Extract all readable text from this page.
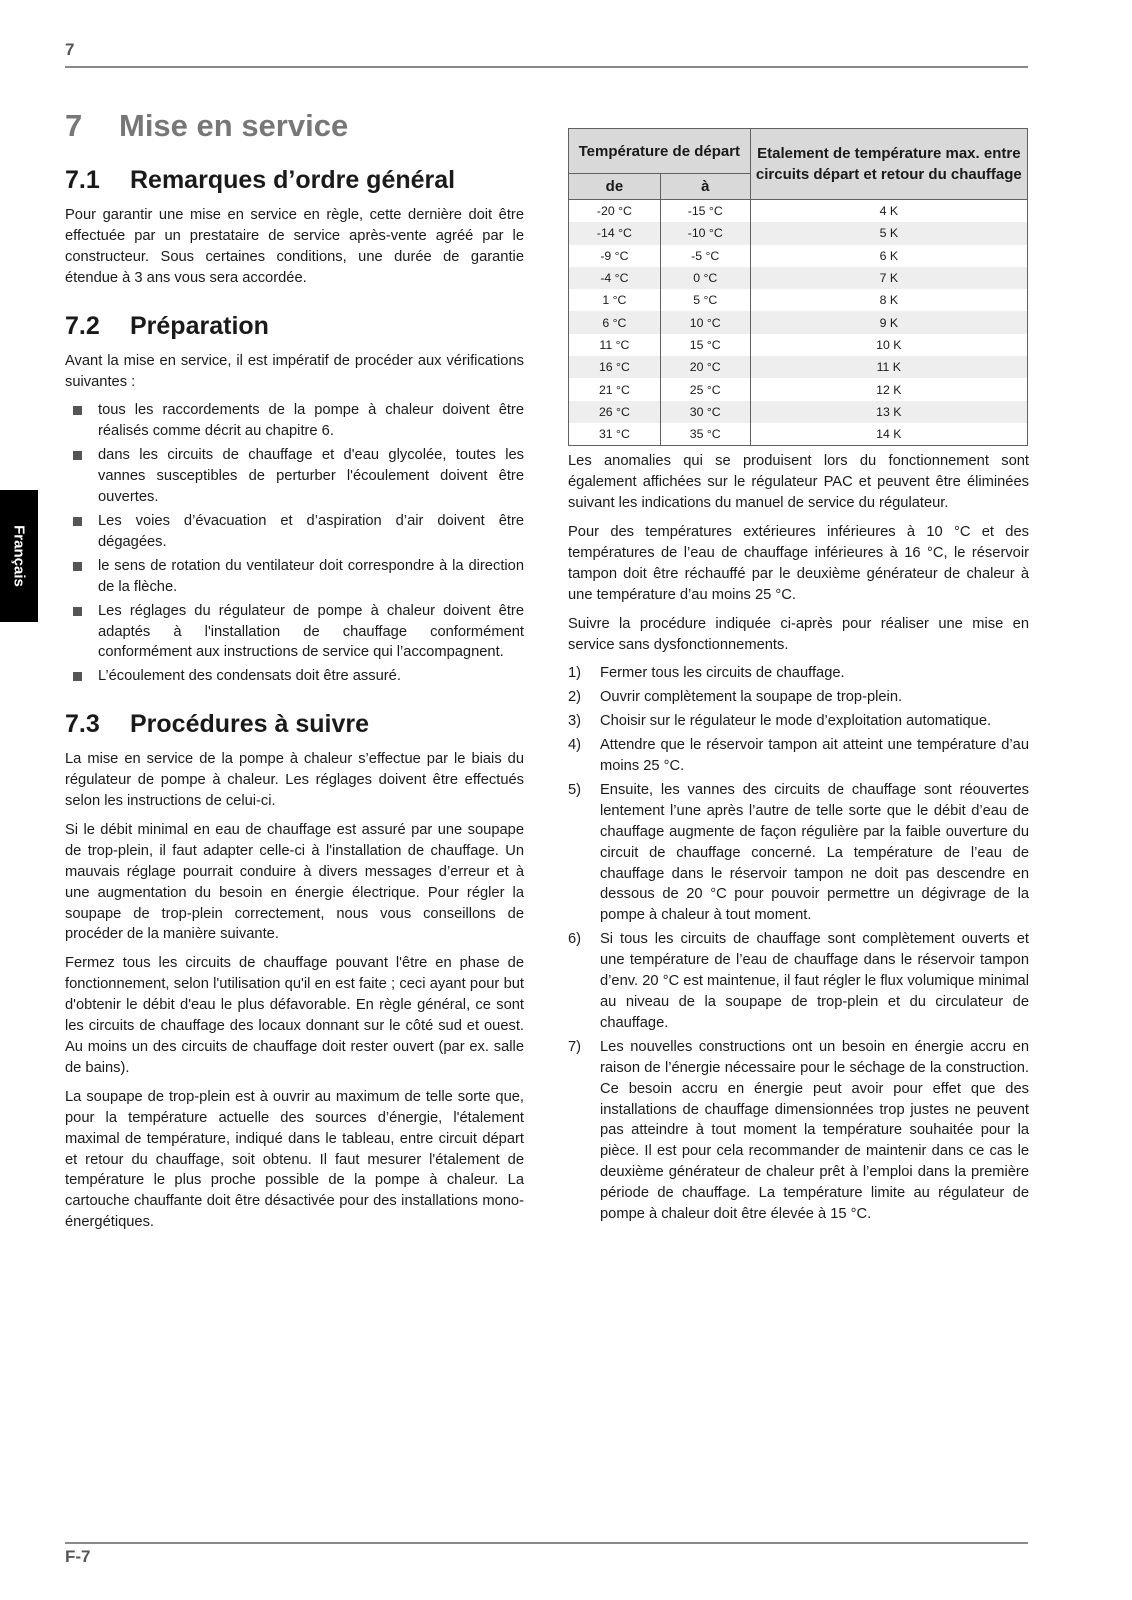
7
Français
7	Mise en service
7.1	Remarques d’ordre général

Pour garantir une mise en service en règle, cette dernière doit être effectuée par un prestataire de service après-vente agréé par le constructeur. Sous certaines conditions, une durée de garantie étendue à 3 ans vous sera accordée.

7.2	Préparation

Avant la mise en service, il est impératif de procéder aux vérifications suivantes :

tous les raccordements de la pompe à chaleur doivent être réalisés comme décrit au chapitre 6.
dans les circuits de chauffage et d'eau glycolée, toutes les vannes susceptibles de perturber l'écoulement doivent être ouvertes.
Les voies d’évacuation et d’aspiration d’air doivent être dégagées.
le sens de rotation du ventilateur doit correspondre à la direction de la flèche.
Les réglages du régulateur de pompe à chaleur doivent être adaptés à l'installation de chauffage conformément conformément aux instructions de service qui l’accompagnent.
L’écoulement des condensats doit être assuré.
7.3	Procédures à suivre

La mise en service de la pompe à chaleur s’effectue par le biais du régulateur de pompe à chaleur. Les réglages doivent être effectués selon les instructions de celui-ci.

Si le débit minimal en eau de chauffage est assuré par une soupape de trop-plein, il faut adapter celle-ci à l'installation de chauffage. Un mauvais réglage pourrait conduire à divers messages d’erreur et à une augmentation du besoin en énergie électrique. Pour régler la soupape de trop-plein correctement, nous vous conseillons de procéder de la manière suivante.

Fermez tous les circuits de chauffage pouvant l'être en phase de fonctionnement, selon l'utilisation qu'il en est faite ; ceci ayant pour but d'obtenir le débit d'eau le plus défavorable. En règle général, ce sont les circuits de chauffage des locaux donnant sur le côté sud et ouest. Au moins un des circuits de chauffage doit rester ouvert (par ex. salle de bains).

La soupape de trop-plein est à ouvrir au maximum de telle sorte que, pour la température actuelle des sources d’énergie, l'étalement maximal de température, indiqué dans le tableau, entre circuit départ et retour du chauffage, soit obtenu. Il faut mesurer l'étalement de température le plus proche possible de la pompe à chaleur. La cartouche chauffante doit être désactivée pour des installations mono-énergétiques.

Température de départ		Etalement de température max. entre circuits départ et retour du chauffage
de	à	
-20 °C	-15 °C	4 K
-14 °C	-10 °C	5 K
-9 °C	-5 °C	6 K
-4 °C	0 °C	7 K
1 °C	5 °C	8 K
6 °C	10 °C	9 K
11 °C	15 °C	10 K
16 °C	20 °C	11 K
21 °C	25 °C	12 K
26 °C	30 °C	13 K
31 °C	35 °C	14 K

Les anomalies qui se produisent lors du fonctionnement sont également affichées sur le régulateur PAC et peuvent être éliminées suivant les indications du manuel de service du régulateur.

Pour des températures extérieures inférieures à 10 °C et des températures de l’eau de chauffage inférieures à 16 °C, le réservoir tampon doit être réchauffé par le deuxième générateur de chaleur à une température d’au moins 25 °C.

Suivre la procédure indiquée ci-après pour réaliser une mise en service sans dysfonctionnements.

1)	Fermer tous les circuits de chauffage.
2)	Ouvrir complètement la soupape de trop-plein.
3)	Choisir sur le régulateur le mode d’exploitation automatique.
4)	Attendre que le réservoir tampon ait atteint une température d’au moins 25 °C.
5)	Ensuite, les vannes des circuits de chauffage sont réouvertes lentement l’une après l’autre de telle sorte que le débit d’eau de chauffage augmente de façon régulière par la faible ouverture du circuit de chauffage concerné. La température de l’eau de chauffage dans le réservoir tampon ne doit pas descendre en dessous de 20 °C pour pouvoir permettre un dégivrage de la pompe à chaleur à tout moment.
6)	Si tous les circuits de chauffage sont complètement ouverts et une température de l’eau de chauffage dans le réservoir tampon d’env. 20 °C est maintenue, il faut régler le flux volumique minimal au niveau de la soupape de trop-plein et du circulateur de chauffage.
7)	Les nouvelles constructions ont un besoin en énergie accru en raison de l’énergie nécessaire pour le séchage de la construction. Ce besoin accru en énergie peut avoir pour effet que des installations de chauffage dimensionnées trop justes ne peuvent pas atteindre à tout moment la température souhaitée pour la pièce. Il est pour cela recommander de maintenir dans ce cas le deuxième générateur de chaleur prêt à l’emploi dans la première période de chauffage. La température limite au régulateur de pompe à chaleur doit être élevée à 15 °C.
F-7
